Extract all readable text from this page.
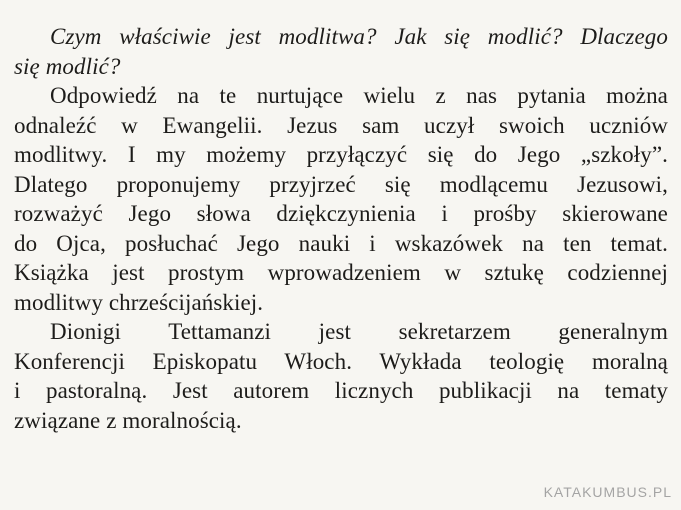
Czym właściwie jest modlitwa? Jak się modlić? Dlaczego
się modlić?
Odpowiedź na te nurtujące wielu z nas pytania można
odnaleźć w Ewangelii. Jezus sam uczył swoich uczniów
modlitwy. I my możemy przyłączyć się do Jego „szkoły”.
Dlatego proponujemy przyjrzeć się modlącemu Jezusowi,
rozważyć Jego słowa dziękczynienia i prośby skierowane
do Ojca, posłuchać Jego nauki i wskazówek na ten temat.
Książka jest prostym wprowadzeniem w sztukę codziennej
modlitwy chrześcijańskiej.
Dionigi Tettamanzi jest sekretarzem generalnym
Konferencji Episkopatu Włoch. Wykłada teologię moralną
i pastoralną. Jest autorem licznych publikacji na tematy
związane z moralnością.
KATAKUMBUS.PL
